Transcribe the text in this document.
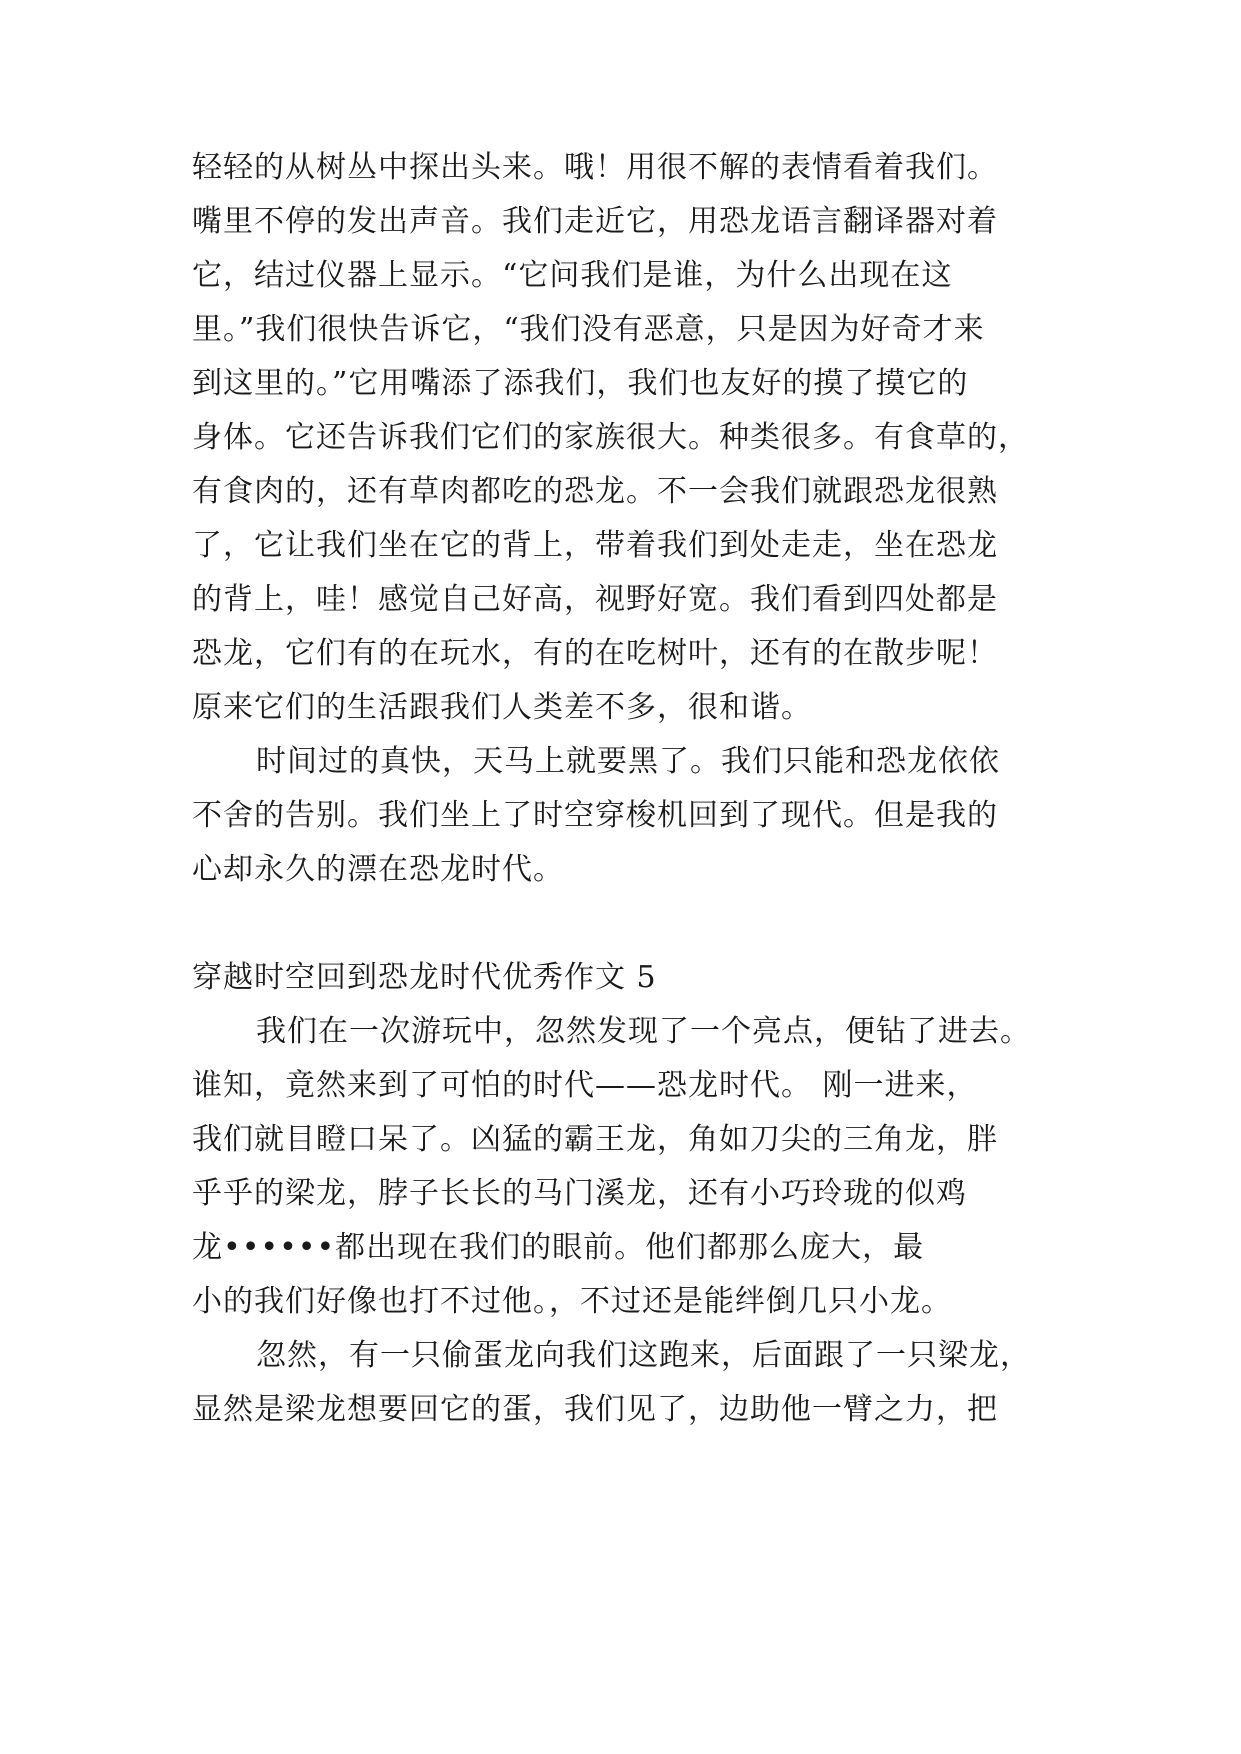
轻轻的从树丛中探出头来。哦！用很不解的表情看着我们。
嘴里不停的发出声音。我们走近它，用恐龙语言翻译器对着
它，结过仪器上显示。“它问我们是谁，为什么出现在这
里。”我们很快告诉它，“我们没有恶意，只是因为好奇才来
到这里的。”它用嘴添了添我们，我们也友好的摸了摸它的
身体。它还告诉我们它们的家族很大。种类很多。有食草的，
有食肉的，还有草肉都吃的恐龙。不一会我们就跟恐龙很熟
了，它让我们坐在它的背上，带着我们到处走走，坐在恐龙
的背上，哇！感觉自己好高，视野好宽。我们看到四处都是
恐龙，它们有的在玩水，有的在吃树叶，还有的在散步呢！
原来它们的生活跟我们人类差不多，很和谐。
时间过的真快，天马上就要黑了。我们只能和恐龙依依
不舍的告别。我们坐上了时空穿梭机回到了现代。但是我的
心却永久的漂在恐龙时代。
穿越时空回到恐龙时代优秀作文 5
我们在一次游玩中，忽然发现了一个亮点，便钻了进去。
谁知，竟然来到了可怕的时代——恐龙时代。 刚一进来，
我们就目瞪口呆了。凶猛的霸王龙，角如刀尖的三角龙，胖
乎乎的梁龙，脖子长长的马门溪龙，还有小巧玲珑的似鸡
龙••••••都出现在我们的眼前。他们都那么庞大，最
小的我们好像也打不过他。，不过还是能绊倒几只小龙。
忽然，有一只偷蛋龙向我们这跑来，后面跟了一只梁龙，
显然是梁龙想要回它的蛋，我们见了，边助他一臂之力，把
